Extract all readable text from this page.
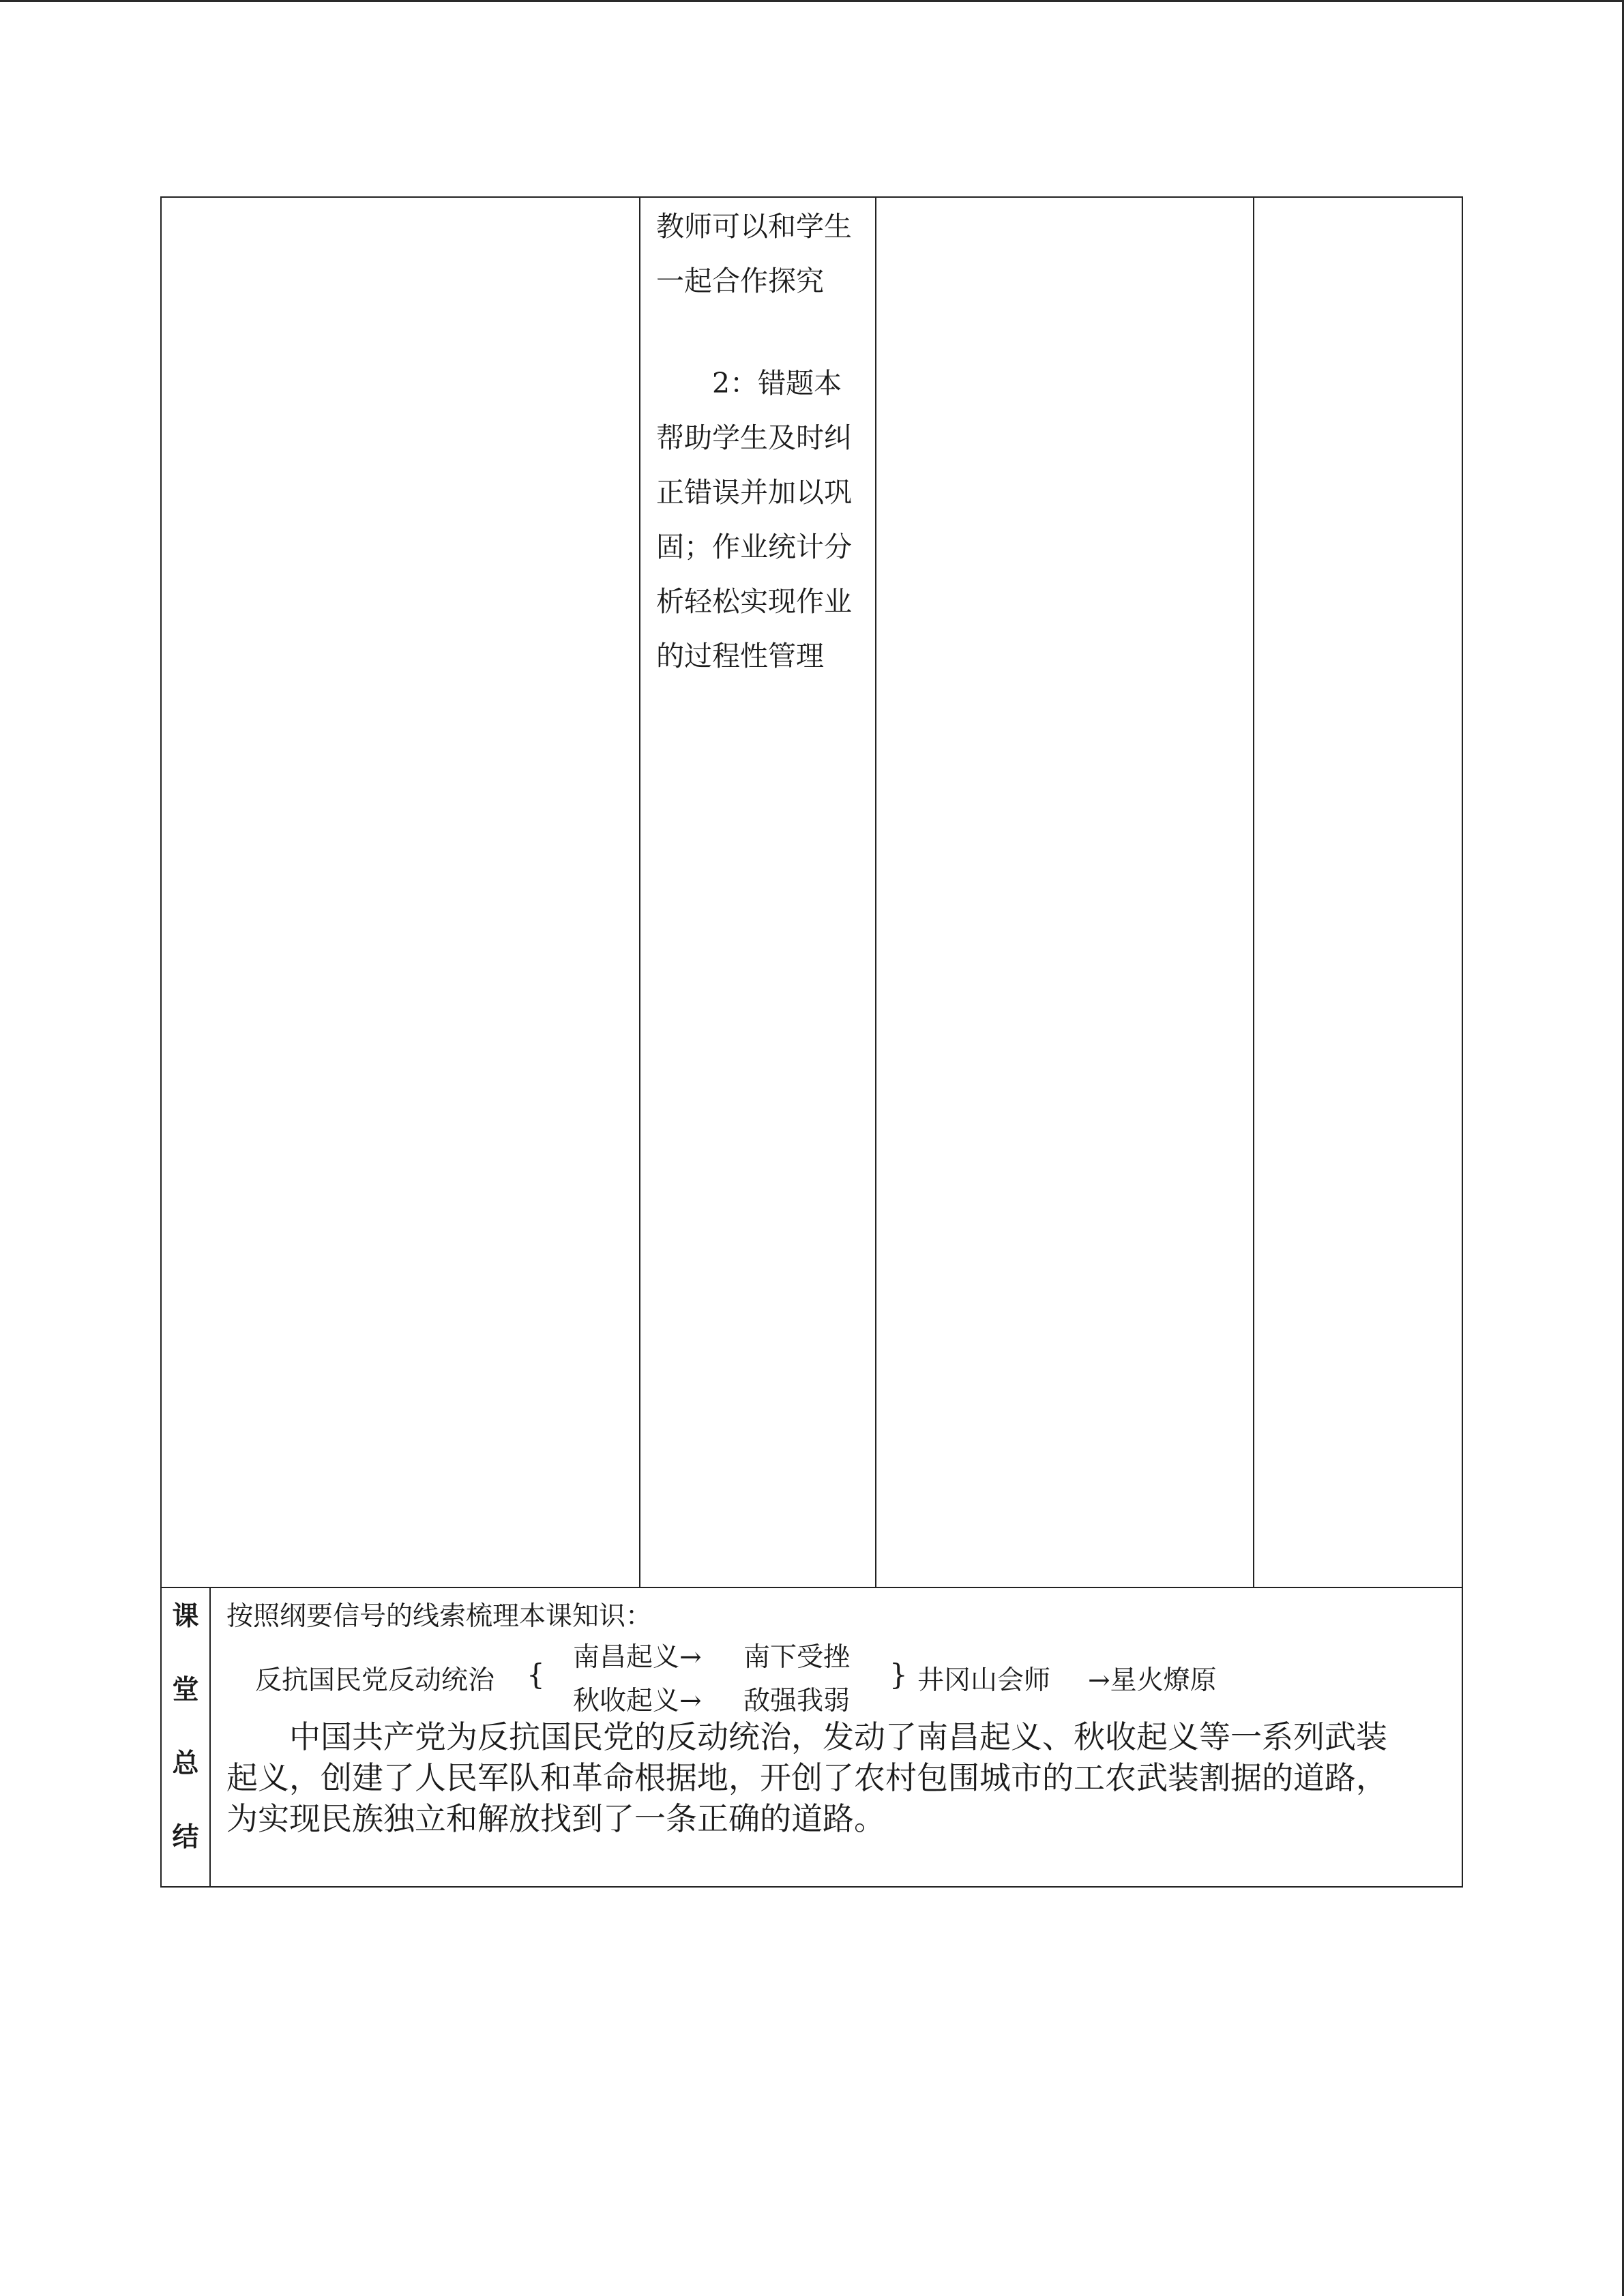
教师可以和学生

一起合作探究

2：错题本

帮助学生及时纠

正错误并加以巩

固；作业统计分

析轻松实现作业

的过程性管理

课
堂
总
结
按照纲要信号的线索梳理本课知识：
反抗国民党反动统治 {
南昌起义→ 南下受挫
秋收起义→ 敌强我弱
} 井冈山会师 →星火燎原

中国共产党为反抗国民党的反动统治，发动了南昌起义、秋收起义等一系列武装

起义，创建了人民军队和革命根据地，开创了农村包围城市的工农武装割据的道路，

为实现民族独立和解放找到了一条正确的道路。
